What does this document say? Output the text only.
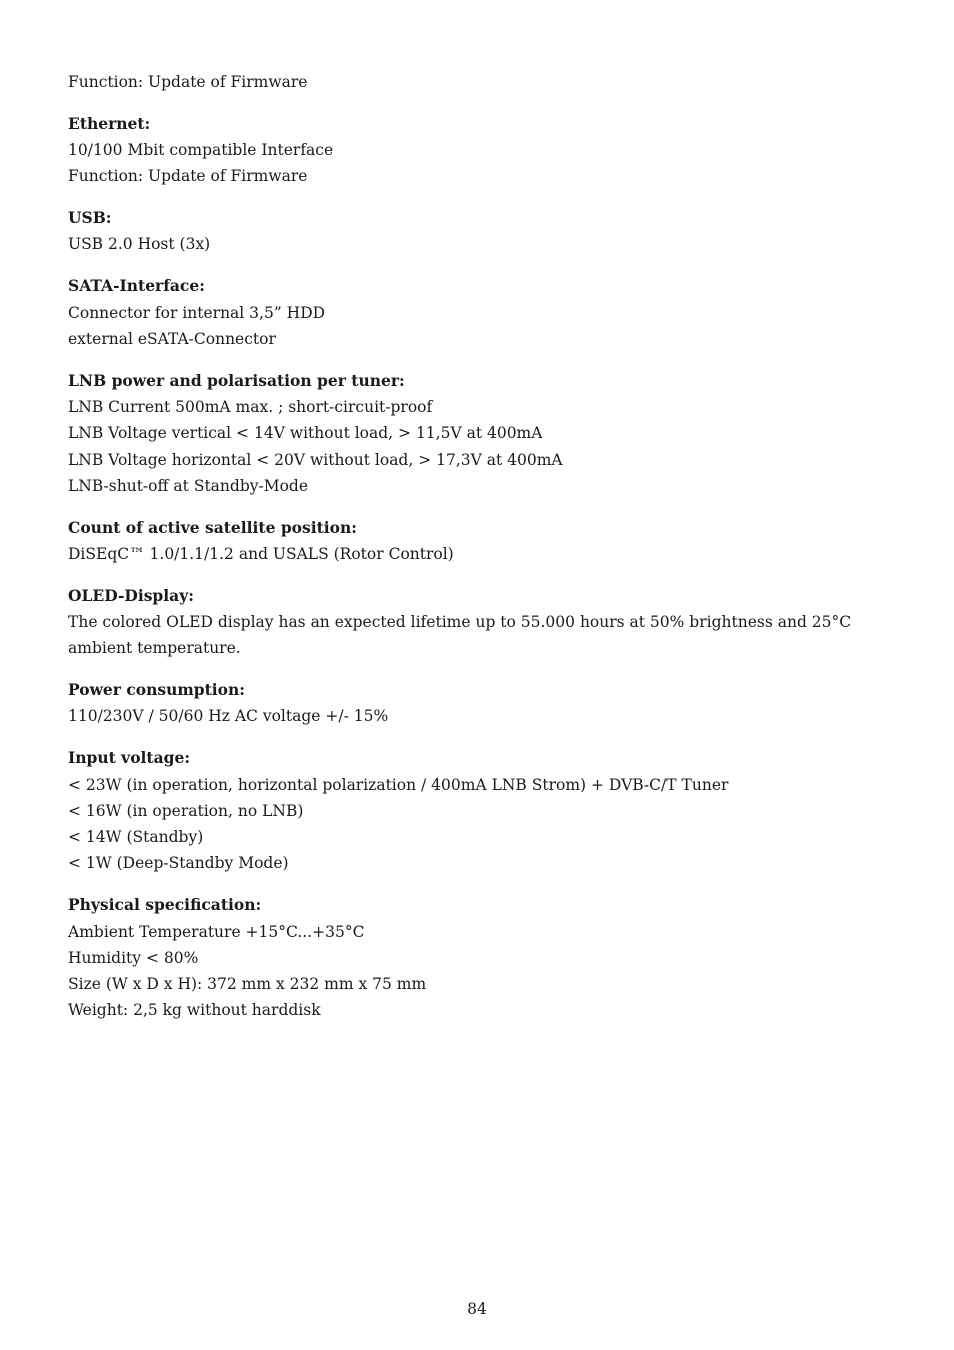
Function: Update of Firmware
Ethernet:
10/100 Mbit compatible Interface
Function: Update of Firmware
USB:
USB 2.0 Host (3x)
SATA-Interface:
Connector for internal 3,5” HDD
external eSATA-Connector
LNB power and polarisation per tuner:
LNB Current 500mA max. ; short-circuit-proof
LNB Voltage vertical < 14V without load, > 11,5V at 400mA
LNB Voltage horizontal < 20V without load, > 17,3V at 400mA
LNB-shut-off at Standby-Mode
Count of active satellite position:
DiSEqC™ 1.0/1.1/1.2 and USALS (Rotor Control)
OLED-Display:
The colored OLED display has an expected lifetime up to 55.000 hours at 50% brightness and 25°C ambient temperature.
Power consumption:
110/230V / 50/60 Hz AC voltage +/- 15%
Input voltage:
< 23W (in operation, horizontal polarization / 400mA LNB Strom) + DVB-C/T Tuner
< 16W (in operation, no LNB)
< 14W (Standby)
< 1W (Deep-Standby Mode)
Physical specification:
Ambient Temperature +15°C...+35°C
Humidity < 80%
Size (W x D x H): 372 mm x 232 mm x 75 mm
Weight: 2,5 kg without harddisk
84
